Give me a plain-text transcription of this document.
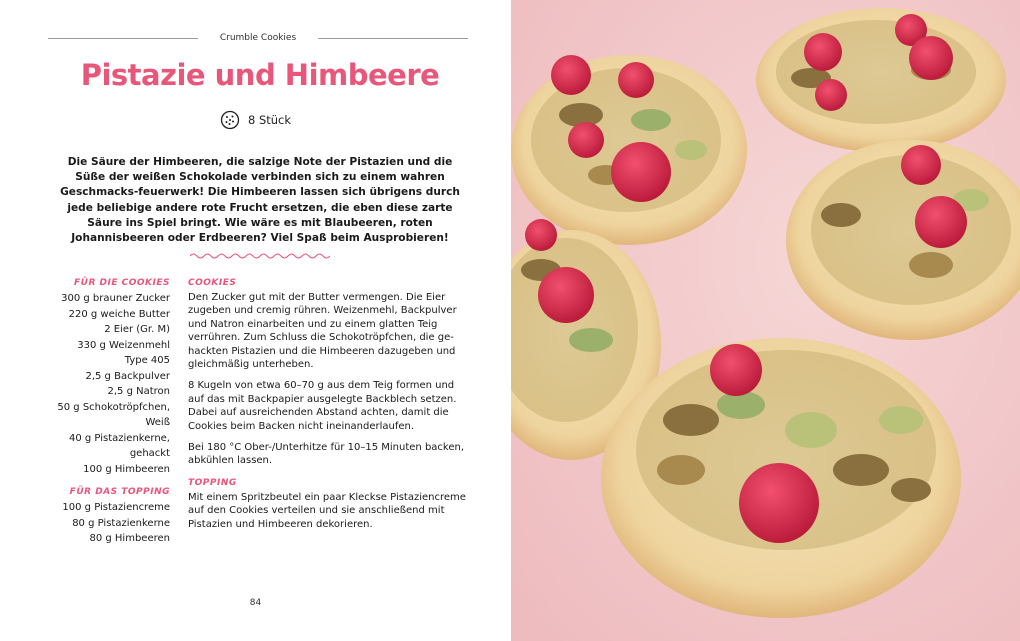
Crumble Cookies
Pistazie und Himbeere
8 Stück

Die Säure der Himbeeren, die salzige Note der Pistazien und die Süße der weißen Schokolade verbinden sich zu einem wahren Geschmacks-feuerwerk! Die Himbeeren lassen sich übrigens durch jede beliebige andere rote Frucht ersetzen, die eben diese zarte Säure ins Spiel bringt. Wie wäre es mit Blaubeeren, roten Johannisbeeren oder Erdbeeren? Viel Spaß beim Ausprobieren!

FÜR DIE COOKIES
300 g brauner Zucker
220 g weiche Butter
2 Eier (Gr. M)
330 g Weizenmehl
Type 405
2,5 g Backpulver
2,5 g Natron
50 g Schokotröpfchen,
Weiß
40 g Pistazienkerne,
gehackt
100 g Himbeeren
FÜR DAS TOPPING
100 g Pistaziencreme
80 g Pistazienkerne
80 g Himbeeren
COOKIES

Den Zucker gut mit der Butter vermengen. Die Eier zugeben und cremig rühren. Weizenmehl, Backpulver und Natron einarbeiten und zu einem glatten Teig verrühren. Zum Schluss die Schokotröpfchen, die ge-hackten Pistazien und die Himbeeren dazugeben und gleichmäßig unterheben.

8 Kugeln von etwa 60–70 g aus dem Teig formen und auf das mit Backpapier ausgelegte Backblech setzen. Dabei auf ausreichenden Abstand achten, damit die Cookies beim Backen nicht ineinanderlaufen.

Bei 180 °C Ober-/Unterhitze für 10–15 Minuten backen, abkühlen lassen.

TOPPING

Mit einem Spritzbeutel ein paar Kleckse Pistaziencreme auf den Cookies verteilen und sie anschließend mit Pistazien und Himbeeren dekorieren.

84
